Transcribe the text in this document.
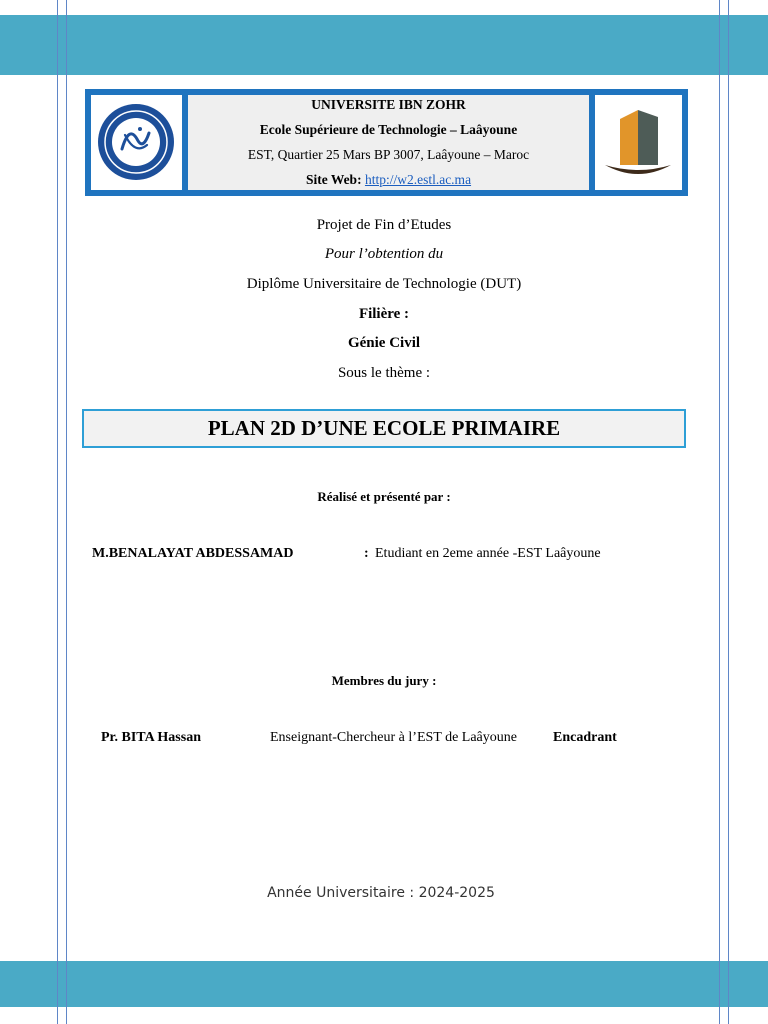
UNIVERSITE IBN ZOHR
Ecole Supérieure de Technologie – Laâyoune
EST, Quartier 25 Mars BP 3007, Laâyoune – Maroc
Site Web: http://w2.estl.ac.ma
Projet de Fin d’Etudes
Pour l’obtention du
Diplôme Universitaire de Technologie (DUT)
Filière :
Génie Civil
Sous le thème :
PLAN 2D D’UNE ECOLE PRIMAIRE
Réalisé et présenté par :
M.BENALAYAT ABDESSAMAD	: Etudiant en 2eme année -EST Laâyoune
Membres du jury :
Pr. BITA Hassan	Enseignant-Chercheur à l’EST de Laâyoune	Encadrant
Année Universitaire : 2024-2025
